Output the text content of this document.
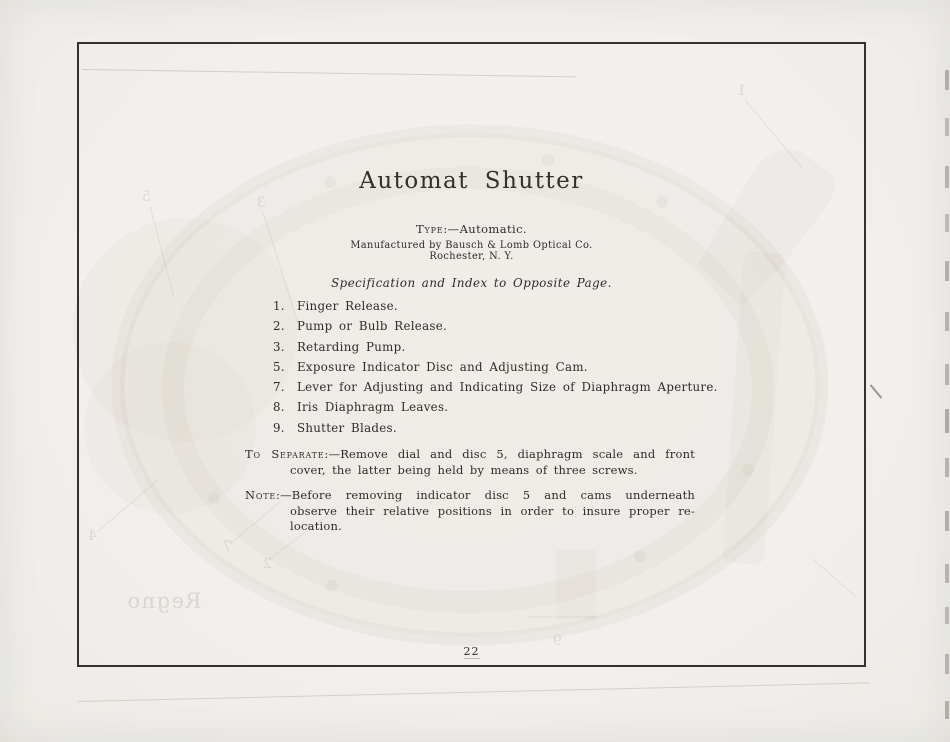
1
5	3
4
7
2
9
Regno
Automat Shutter
Type:—Automatic.
Manufactured by Bausch & Lomb Optical Co.
Rochester, N. Y.
Specification and Index to Opposite Page.
1. Finger Release.
2. Pump or Bulb Release.
3. Retarding Pump.
5. Exposure Indicator Disc and Adjusting Cam.
7. Lever for Adjusting and Indicating Size of Diaphragm Aperture.
8. Iris Diaphragm Leaves.
9. Shutter Blades.

To Separate:—Remove dial and disc 5, diaphragm scale and front cover, the latter being held by means of three screws.

Note:—Before removing indicator disc 5 and cams underneath observe their relative positions in order to insure proper re-location.

22
